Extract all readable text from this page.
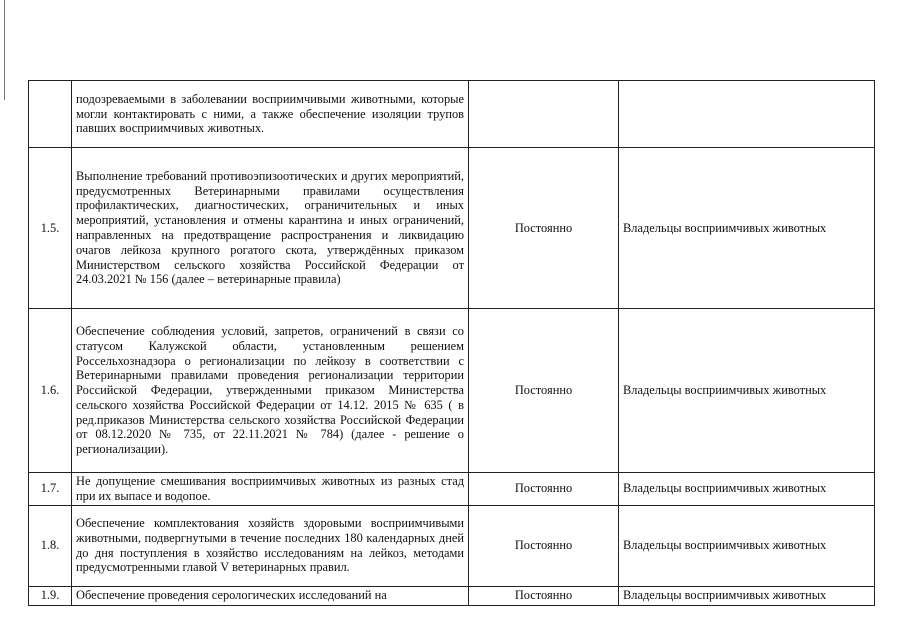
	подозреваемыми в заболевании восприимчивыми животными, которые могли контактировать с ними, а также обеспечение изоляции трупов павших восприимчивых животных.		
1.5.	Выполнение требований противоэпизоотических и других мероприятий, предусмотренных Ветеринарными правилами осуществления профилактических, диагностических, ограничительных и иных мероприятий, установления и отмены карантина и иных ограничений, направленных на предотвращение распространения и ликвидацию очагов лейкоза крупного рогатого скота, утверждённых приказом Министерством сельского хозяйства Российской Федерации от 24.03.2021 № 156 (далее – ветеринарные правила)	Постоянно	Владельцы восприимчивых животных
1.6.	Обеспечение соблюдения условий, запретов, ограничений в связи со статусом Калужской области, установленным решением Россельхознадзора о регионализации по лейкозу в соответствии с Ветеринарными правилами проведения регионализации территории Российской Федерации, утвержденными приказом Министерства сельского хозяйства Российской Федерации от 14.12. 2015 № 635 ( в ред.приказов Министерства сельского хозяйства Российской Федерации от 08.12.2020 № 735, от 22.11.2021 № 784) (далее - решение о регионализации).	Постоянно	Владельцы восприимчивых животных
1.7.	Не допущение смешивания восприимчивых животных из разных стад при их выпасе и водопое.	Постоянно	Владельцы восприимчивых животных
1.8.	Обеспечение комплектования хозяйств здоровыми восприимчивыми животными, подвергнутыми в течение последних 180 календарных дней до дня поступления в хозяйство исследованиям на лейкоз, методами предусмотренными главой V ветеринарных правил.	Постоянно	Владельцы восприимчивых животных
1.9.	Обеспечение проведения серологических исследований на	Постоянно	Владельцы восприимчивых животных
